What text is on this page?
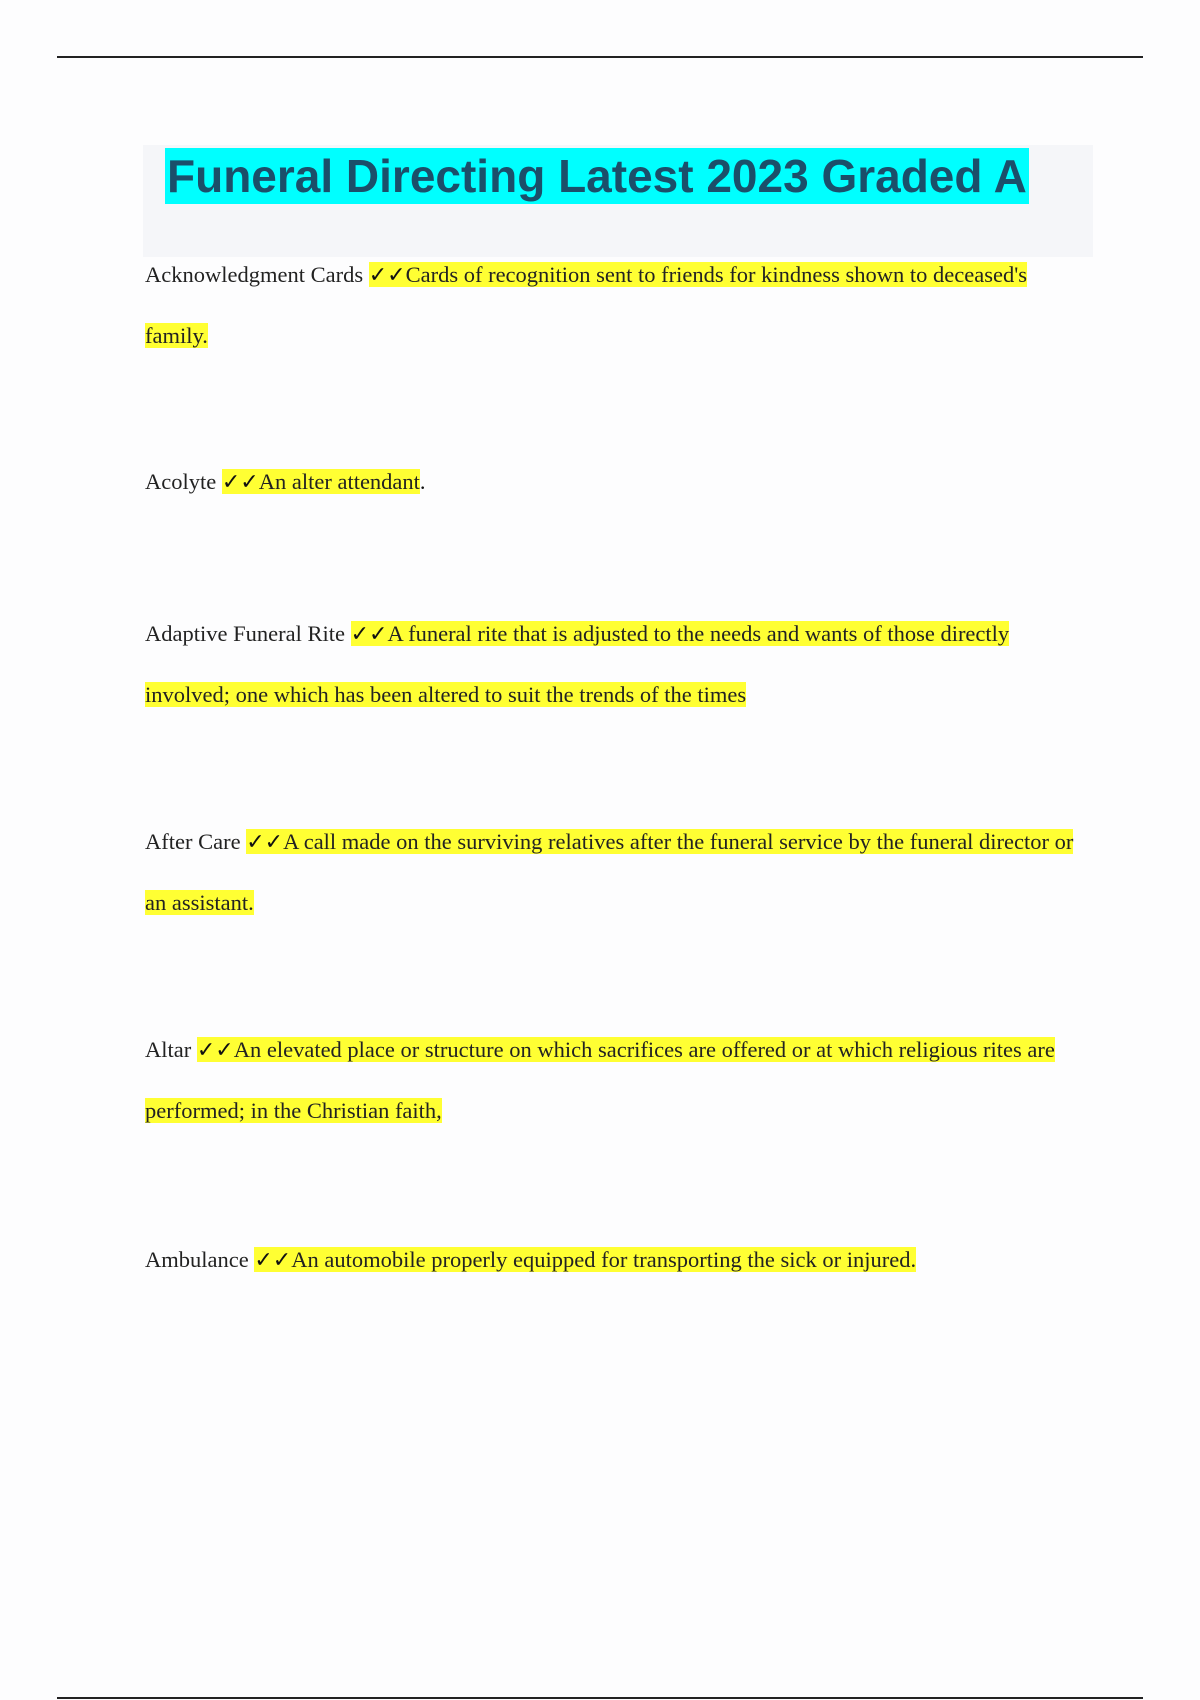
Funeral Directing Latest 2023 Graded A
Acknowledgment Cards ✓✓Cards of recognition sent to friends for kindness shown to deceased's family.
Acolyte ✓✓An alter attendant.
Adaptive Funeral Rite ✓✓A funeral rite that is adjusted to the needs and wants of those directly involved; one which has been altered to suit the trends of the times
After Care ✓✓A call made on the surviving relatives after the funeral service by the funeral director or an assistant.
Altar ✓✓An elevated place or structure on which sacrifices are offered or at which religious rites are performed; in the Christian faith,
Ambulance ✓✓An automobile properly equipped for transporting the sick or injured.
